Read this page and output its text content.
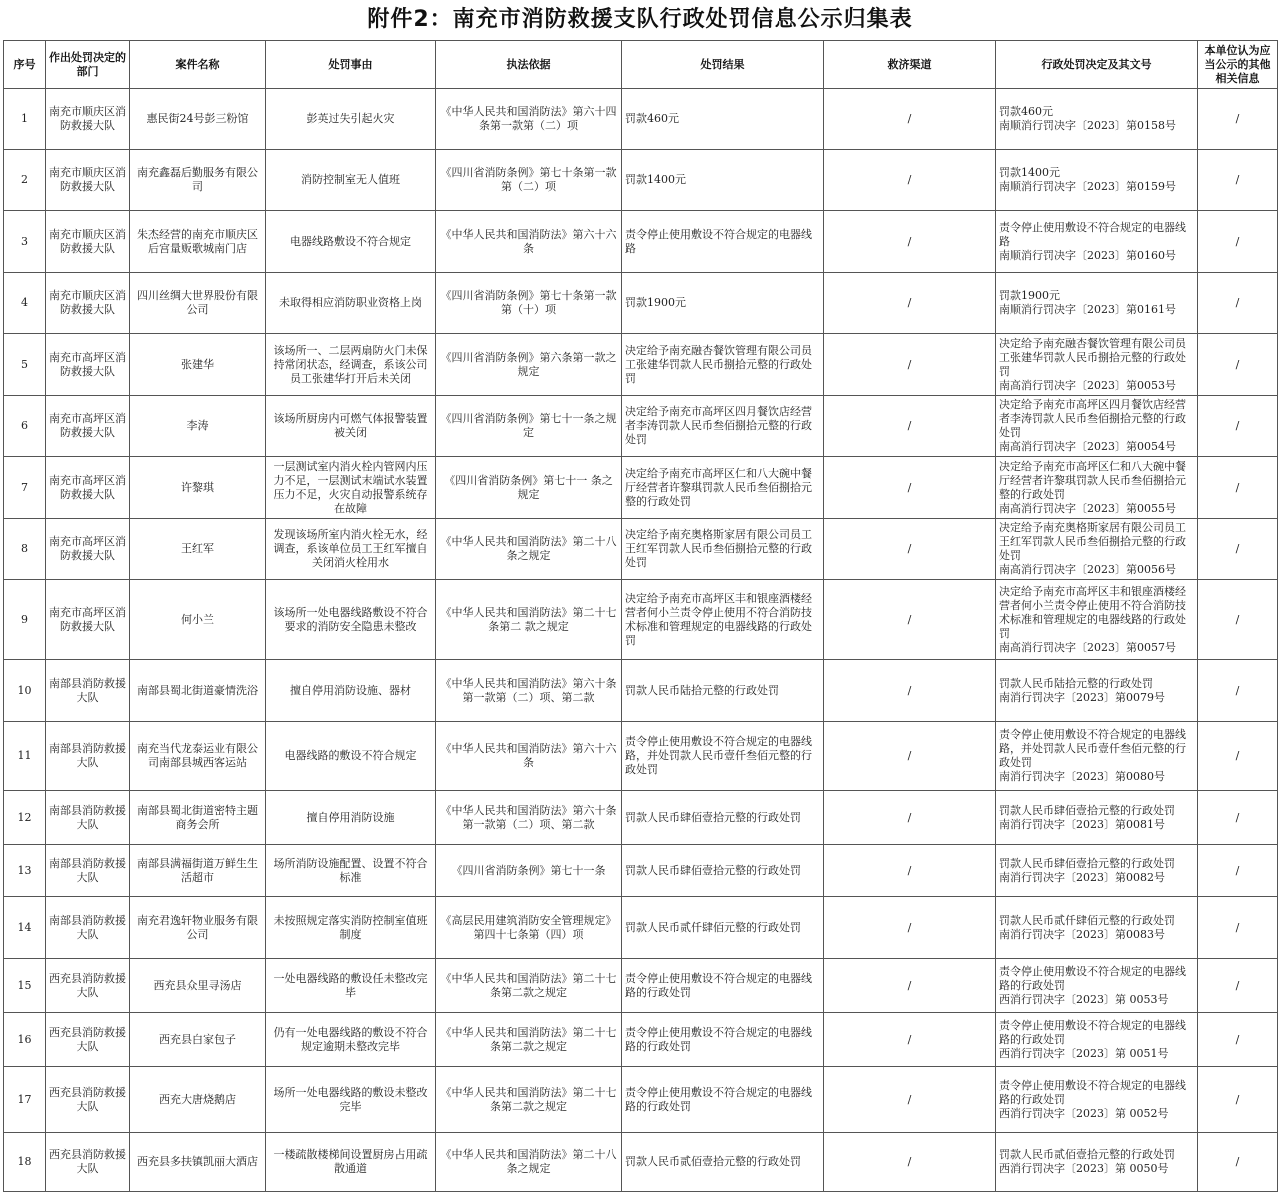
附件2：南充市消防救援支队行政处罚信息公示归集表
序号	作出处罚决定的部门	案件名称	处罚事由	执法依据	处罚结果	救济渠道	行政处罚决定及其文号	本单位认为应当公示的其他相关信息
1	南充市顺庆区消防救援大队	惠民街24号彭三粉馆	彭英过失引起火灾	《中华人民共和国消防法》第六十四条第一款第（二）项	罚款460元	/	罚款460元
南顺消行罚决字〔2023〕第0158号	/
2	南充市顺庆区消防救援大队	南充鑫磊后勤服务有限公司	消防控制室无人值班	《四川省消防条例》第七十条第一款第（二）项	罚款1400元	/	罚款1400元
南顺消行罚决字〔2023〕第0159号	/
3	南充市顺庆区消防救援大队	朱杰经营的南充市顺庆区后宫量贩歌城南门店	电器线路敷设不符合规定	《中华人民共和国消防法》第六十六条	责令停止使用敷设不符合规定的电器线路	/	责令停止使用敷设不符合规定的电器线路
南顺消行罚决字〔2023〕第0160号	/
4	南充市顺庆区消防救援大队	四川丝绸大世界股份有限公司	未取得相应消防职业资格上岗	《四川省消防条例》第七十条第一款第（十）项	罚款1900元	/	罚款1900元
南顺消行罚决字〔2023〕第0161号	/
5	南充市高坪区消防救援大队	张建华	该场所一、二层两扇防火门未保 持常闭状态，经调查，系该公司员工张建华打开后未关闭	《四川省消防条例》第六条第一款之规定	决定给予南充融杏餐饮管理有限公司员工张建华罚款人民币捌拾元整的行政处罚	/	决定给予南充融杏餐饮管理有限公司员工张建华罚款人民币捌拾元整的行政处罚
南高消行罚决字〔2023〕第0053号	/
6	南充市高坪区消防救援大队	李涛	该场所厨房内可燃气体报警装置被关闭	《四川省消防条例》第七十一条之规定	决定给予南充市高坪区四月餐饮店经营者李涛罚款人民币叁佰捌拾元整的行政处罚	/	决定给予南充市高坪区四月餐饮店经营者李涛罚款人民币叁佰捌拾元整的行政处罚
南高消行罚决字〔2023〕第0054号	/
7	南充市高坪区消防救援大队	许黎琪	一层测试室内消火栓内管网内压力不足，一层测试末端试水装置压力不足，火灾自动报警系统存在故障	《四川省消防条例》第七十一 条之规定	决定给予南充市高坪区仁和八大碗中餐厅经营者许黎琪罚款人民币叁佰捌拾元整的行政处罚	/	决定给予南充市高坪区仁和八大碗中餐厅经营者许黎琪罚款人民币叁佰捌拾元整的行政处罚
南高消行罚决字〔2023〕第0055号	/
8	南充市高坪区消防救援大队	王红军	发现该场所室内消火栓无水，经调查，系该单位员工王红军擅自关闭消火栓用水	《中华人民共和国消防法》第二十八条之规定	决定给予南充奥格斯家居有限公司员工王红军罚款人民币叁佰捌拾元整的行政处罚	/	决定给予南充奥格斯家居有限公司员工王红军罚款人民币叁佰捌拾元整的行政处罚
南高消行罚决字〔2023〕第0056号	/
9	南充市高坪区消防救援大队	何小兰	该场所一处电器线路敷设不符合要求的消防安全隐患未整改	《中华人民共和国消防法》第二十七条第二 款之规定	决定给予南充市高坪区丰和银座酒楼经营者何小兰责令停止使用不符合消防技术标准和管理规定的电器线路的行政处罚	/	决定给予南充市高坪区丰和银座酒楼经营者何小兰责令停止使用不符合消防技术标准和管理规定的电器线路的行政处罚
南高消行罚决字〔2023〕第0057号	/
10	南部县消防救援大队	南部县蜀北街道豪情洗浴	擅自停用消防设施、器材	《中华人民共和国消防法》第六十条第一款第（二）项、第二款	罚款人民币陆拾元整的行政处罚	/	罚款人民币陆拾元整的行政处罚
南消行罚决字〔2023〕第0079号	/
11	南部县消防救援大队	南充当代龙泰运业有限公司南部县城西客运站	电器线路的敷设不符合规定	《中华人民共和国消防法》第六十六条	责令停止使用敷设不符合规定的电器线路，并处罚款人民币壹仟叁佰元整的行政处罚	/	责令停止使用敷设不符合规定的电器线路，并处罚款人民币壹仟叁佰元整的行政处罚
南消行罚决字〔2023〕第0080号	/
12	南部县消防救援大队	南部县蜀北街道密特主题商务会所	擅自停用消防设施	《中华人民共和国消防法》第六十条第一款第（二）项、第二款	罚款人民币肆佰壹拾元整的行政处罚	/	罚款人民币肆佰壹拾元整的行政处罚
南消行罚决字〔2023〕第0081号	/
13	南部县消防救援大队	南部县满福街道万鲜生生活超市	场所消防设施配置、设置不符合标准	《四川省消防条例》第七十一条	罚款人民币肆佰壹拾元整的行政处罚	/	罚款人民币肆佰壹拾元整的行政处罚
南消行罚决字〔2023〕第0082号	/
14	南部县消防救援大队	南充君逸轩物业服务有限公司	未按照规定落实消防控制室值班制度	《高层民用建筑消防安全管理规定》第四十七条第（四）项	罚款人民币贰仟肆佰元整的行政处罚	/	罚款人民币贰仟肆佰元整的行政处罚
南消行罚决字〔2023〕第0083号	/
15	西充县消防救援大队	西充县众里寻汤店	一处电器线路的敷设任未整改完毕	《中华人民共和国消防法》第二十七条第二款之规定	责令停止使用敷设不符合规定的电器线路的行政处罚	/	责令停止使用敷设不符合规定的电器线路的行政处罚
西消行罚决字〔2023〕第 0053号	/
16	西充县消防救援大队	西充县白家包子	仍有一处电器线路的敷设不符合规定逾期未整改完毕	《中华人民共和国消防法》第二十七条第二款之规定	责令停止使用敷设不符合规定的电器线路的行政处罚	/	责令停止使用敷设不符合规定的电器线路的行政处罚
西消行罚决字〔2023〕第 0051号	/
17	西充县消防救援大队	西充大唐烧鹅店	场所一处电器线路的敷设未整改完毕	《中华人民共和国消防法》第二十七条第二款之规定	责令停止使用敷设不符合规定的电器线路的行政处罚	/	责令停止使用敷设不符合规定的电器线路的行政处罚
西消行罚决字〔2023〕第 0052号	/
18	西充县消防救援大队	西充县多扶镇凯丽大酒店	一楼疏散楼梯间设置厨房占用疏散通道	《中华人民共和国消防法》第二十八条之规定	罚款人民币贰佰壹拾元整的行政处罚	/	罚款人民币贰佰壹拾元整的行政处罚
西消行罚决字〔2023〕第 0050号	/
